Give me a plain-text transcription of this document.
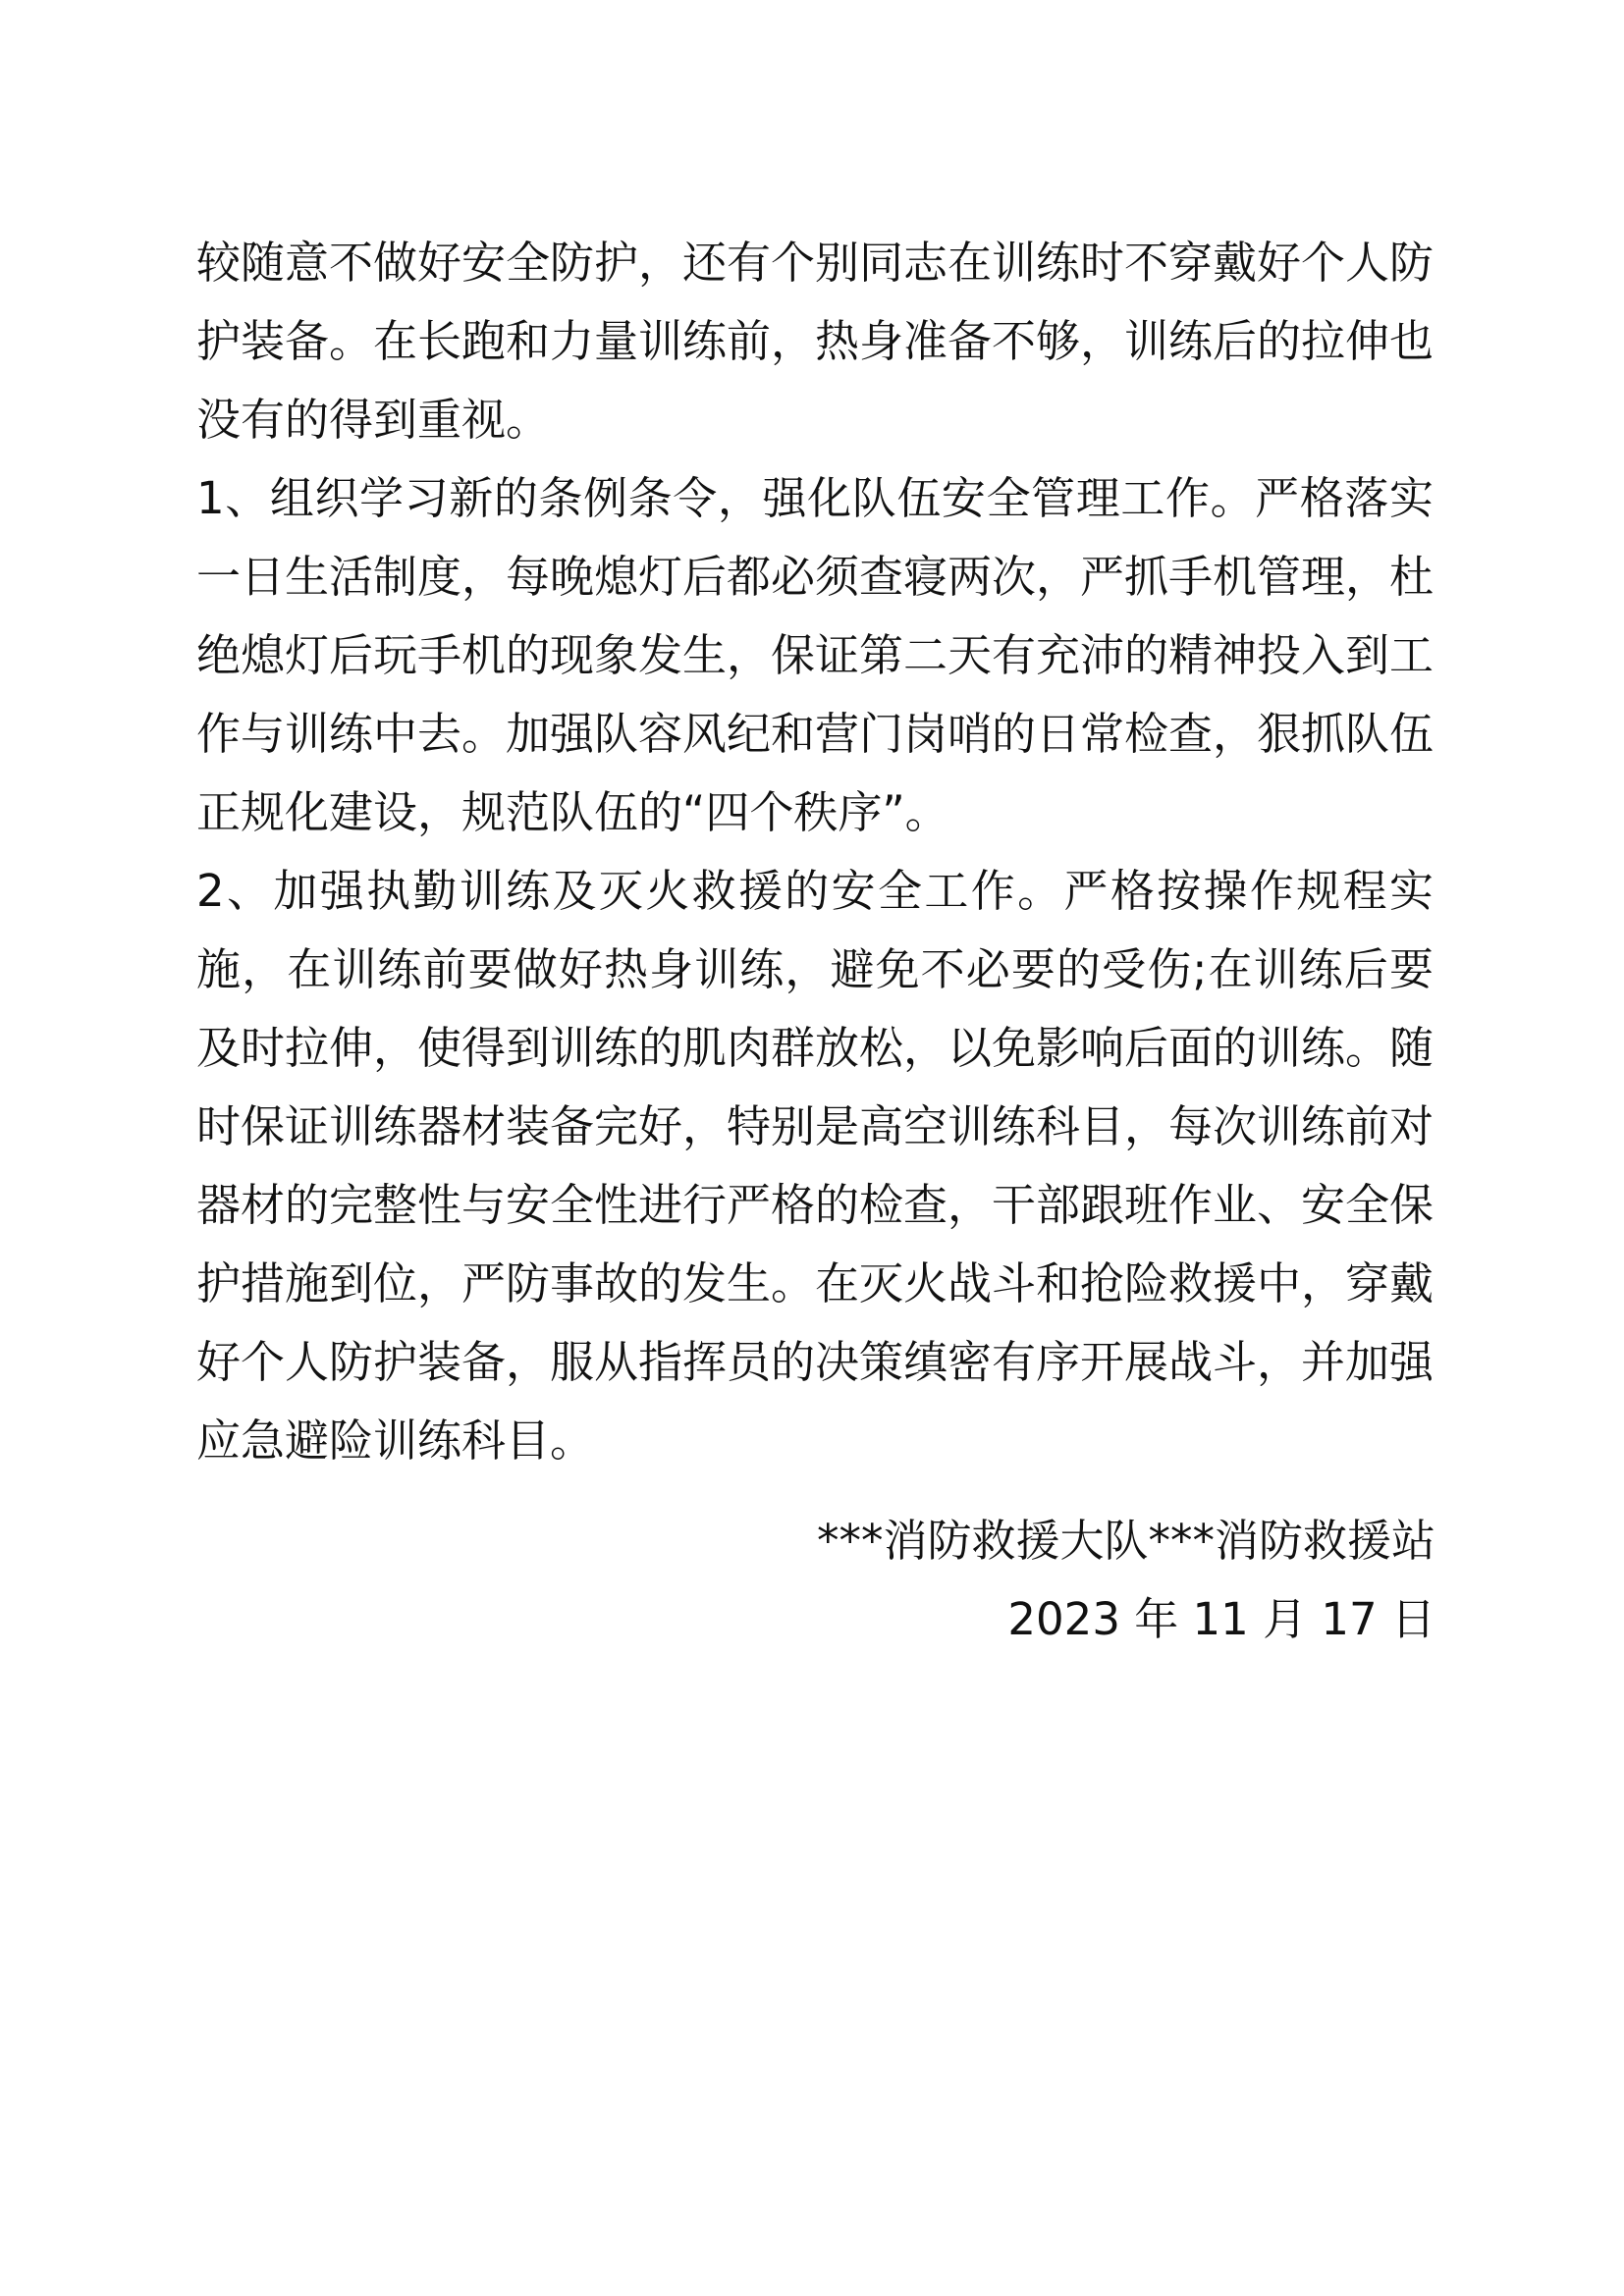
较随意不做好安全防护，还有个别同志在训练时不穿戴好个人防护装备。在长跑和力量训练前，热身准备不够，训练后的拉伸也没有的得到重视。

1、组织学习新的条例条令，强化队伍安全管理工作。严格落实一日生活制度，每晚熄灯后都必须查寝两次，严抓手机管理，杜绝熄灯后玩手机的现象发生，保证第二天有充沛的精神投入到工作与训练中去。加强队容风纪和营门岗哨的日常检查，狠抓队伍正规化建设，规范队伍的“四个秩序”。

2、加强执勤训练及灭火救援的安全工作。严格按操作规程实施，在训练前要做好热身训练，避免不必要的受伤;在训练后要及时拉伸，使得到训练的肌肉群放松，以免影响后面的训练。随时保证训练器材装备完好，特别是高空训练科目，每次训练前对器材的完整性与安全性进行严格的检查，干部跟班作业、安全保护措施到位，严防事故的发生。在灭火战斗和抢险救援中，穿戴好个人防护装备，服从指挥员的决策缜密有序开展战斗，并加强应急避险训练科目。

***消防救援大队***消防救援站
2023 年 11 月 17 日
